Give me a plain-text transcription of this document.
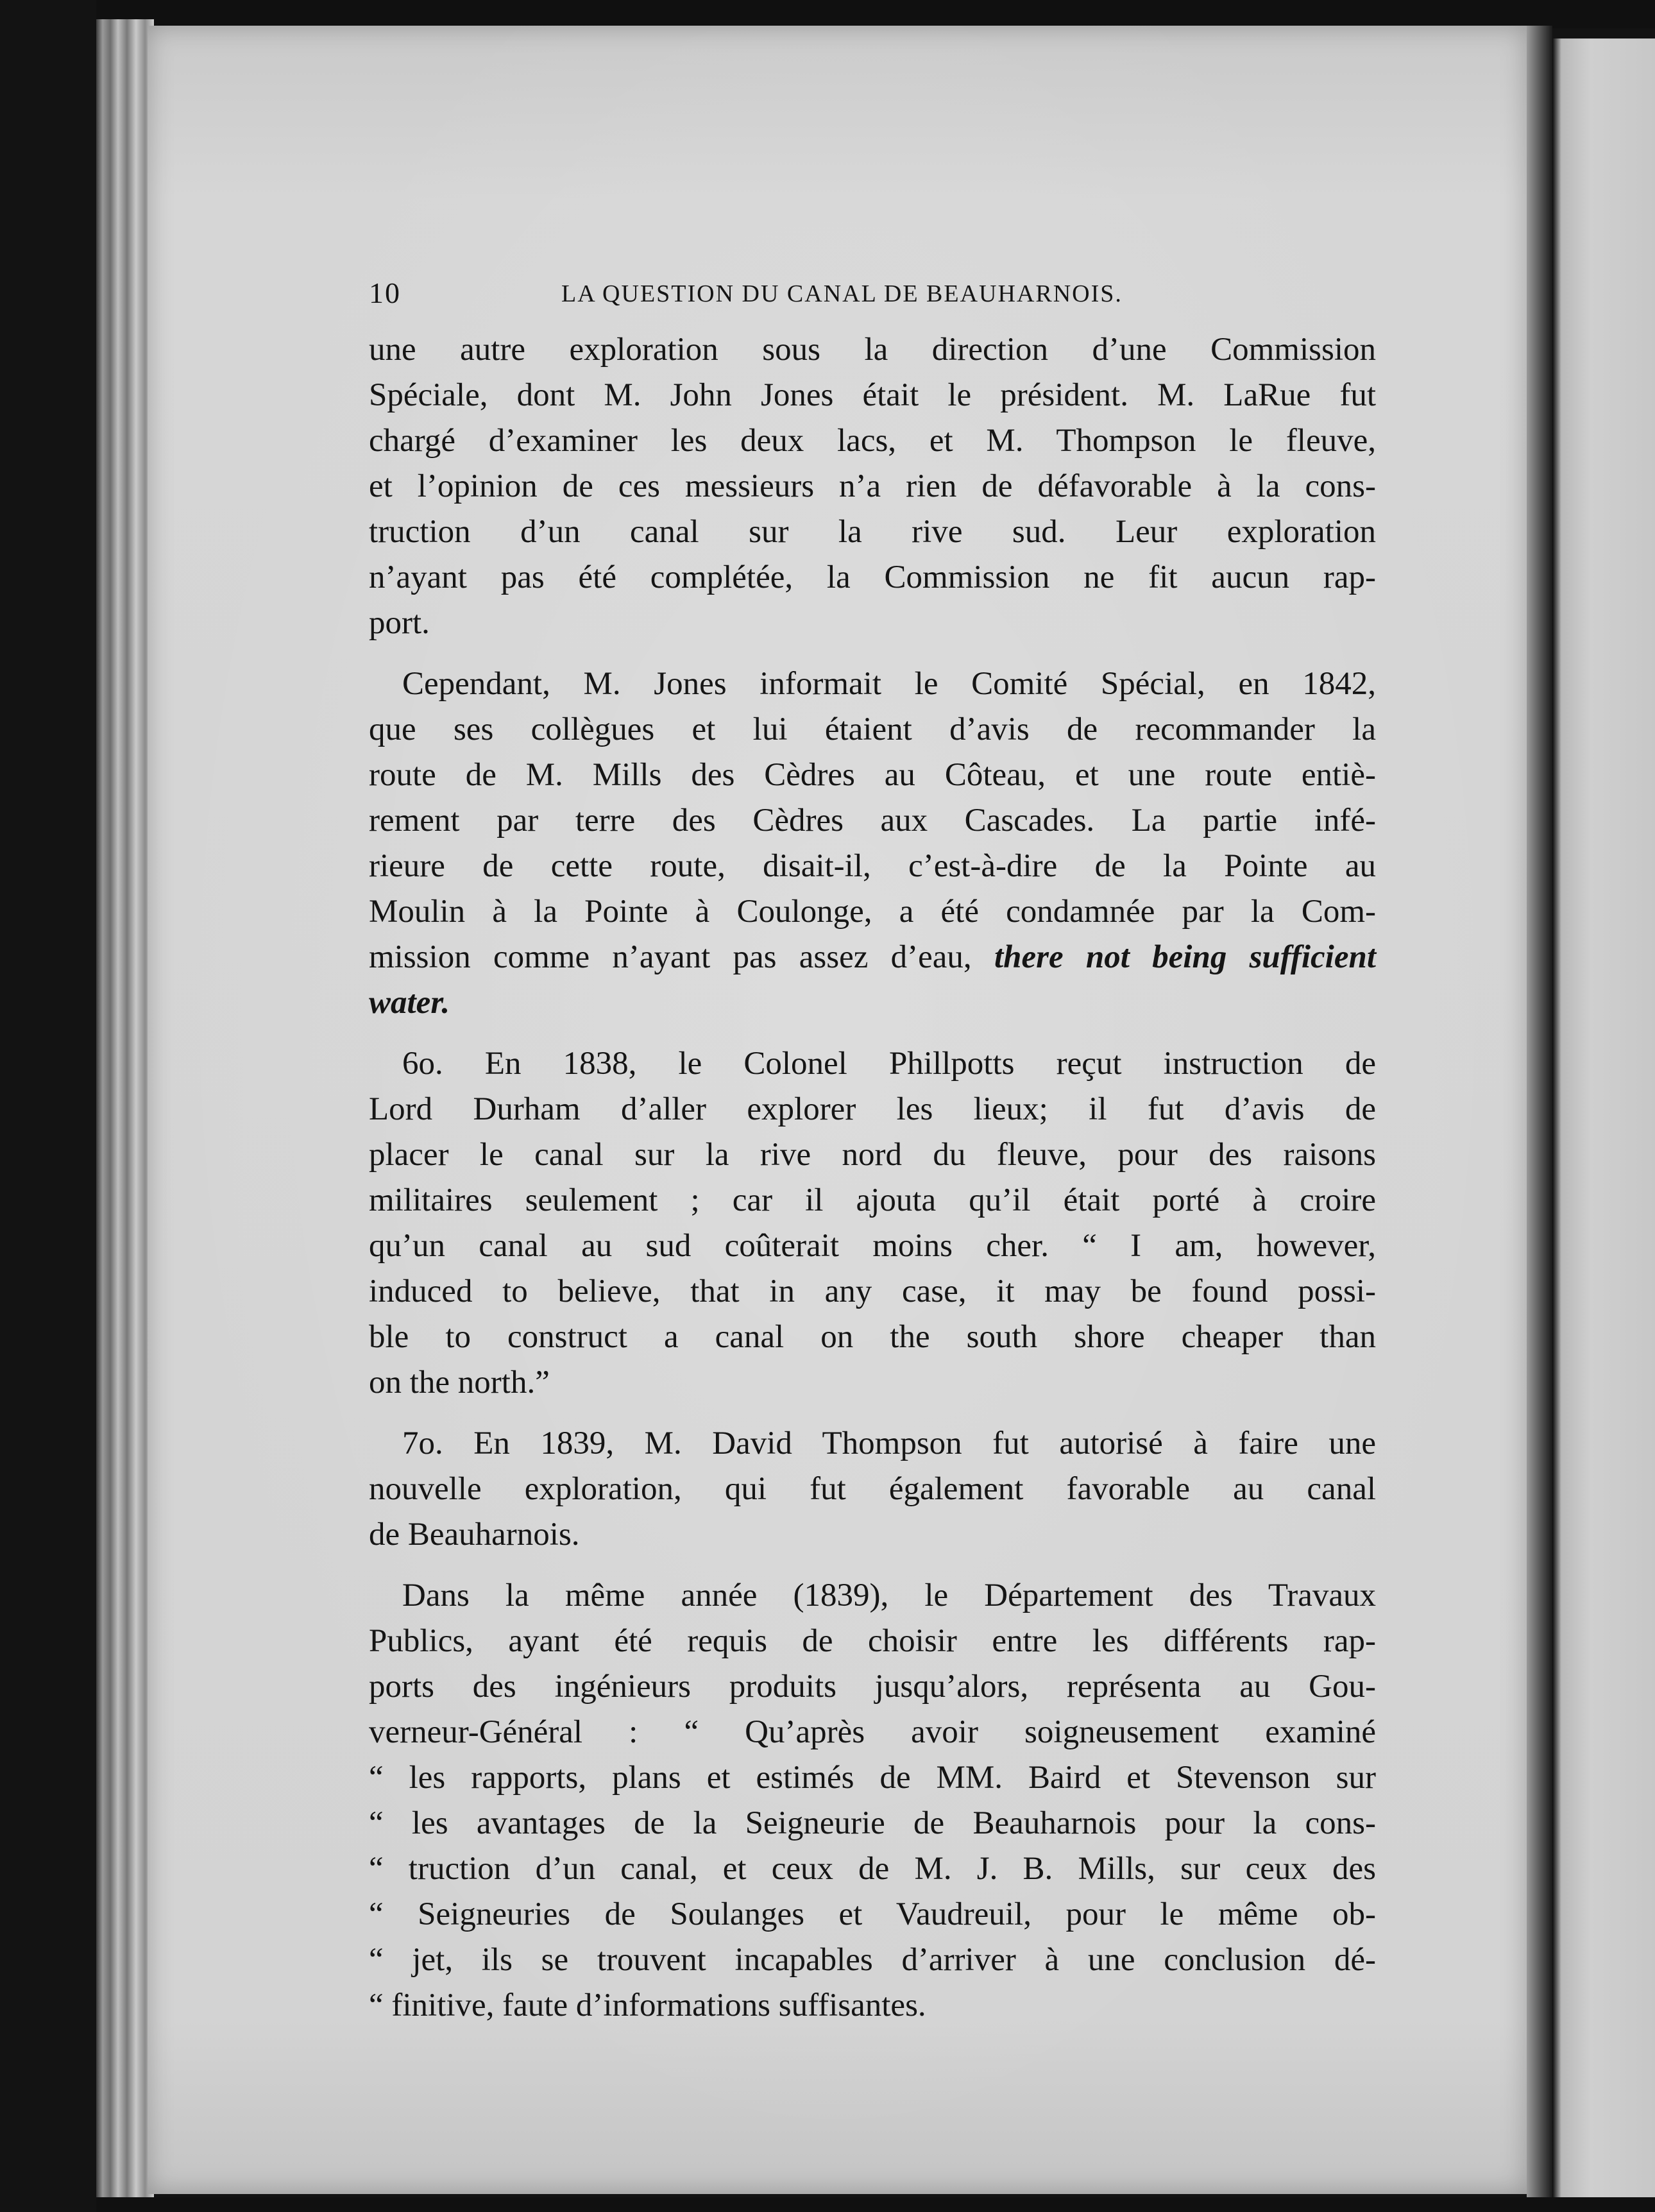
10	LA QUESTION DU CANAL DE BEAUHARNOIS.
une autre exploration sous la direction d’une Commission
Spéciale, dont M. John Jones était le président. M. LaRue fut
chargé d’examiner les deux lacs, et M. Thompson le fleuve,
et l’opinion de ces messieurs n’a rien de défavorable à la cons-
truction d’un canal sur la rive sud. Leur exploration
n’ayant pas été complétée, la Commission ne fit aucun rap-
port.
Cependant, M. Jones informait le Comité Spécial, en 1842,
que ses collègues et lui étaient d’avis de recommander la
route de M. Mills des Cèdres au Côteau, et une route entiè-
rement par terre des Cèdres aux Cascades. La partie infé-
rieure de cette route, disait-il, c’est-à-dire de la Pointe au
Moulin à la Pointe à Coulonge, a été condamnée par la Com-
mission comme n’ayant pas assez d’eau, there not being sufficient
water.
6o. En 1838, le Colonel Phillpotts reçut instruction de
Lord Durham d’aller explorer les lieux; il fut d’avis de
placer le canal sur la rive nord du fleuve, pour des raisons
militaires seulement ; car il ajouta qu’il était porté à croire
qu’un canal au sud coûterait moins cher. “ I am, however,
induced to believe, that in any case, it may be found possi-
ble to construct a canal on the south shore cheaper than
on the north.”
7o. En 1839, M. David Thompson fut autorisé à faire une
nouvelle exploration, qui fut également favorable au canal
de Beauharnois.
Dans la même année (1839), le Département des Travaux
Publics, ayant été requis de choisir entre les différents rap-
ports des ingénieurs produits jusqu’alors, représenta au Gou-
verneur-Général : “ Qu’après avoir soigneusement examiné
“ les rapports, plans et estimés de MM. Baird et Stevenson sur
“ les avantages de la Seigneurie de Beauharnois pour la cons-
“ truction d’un canal, et ceux de M. J. B. Mills, sur ceux des
“ Seigneuries de Soulanges et Vaudreuil, pour le même ob-
“ jet, ils se trouvent incapables d’arriver à une conclusion dé-
“ finitive, faute d’informations suffisantes.
